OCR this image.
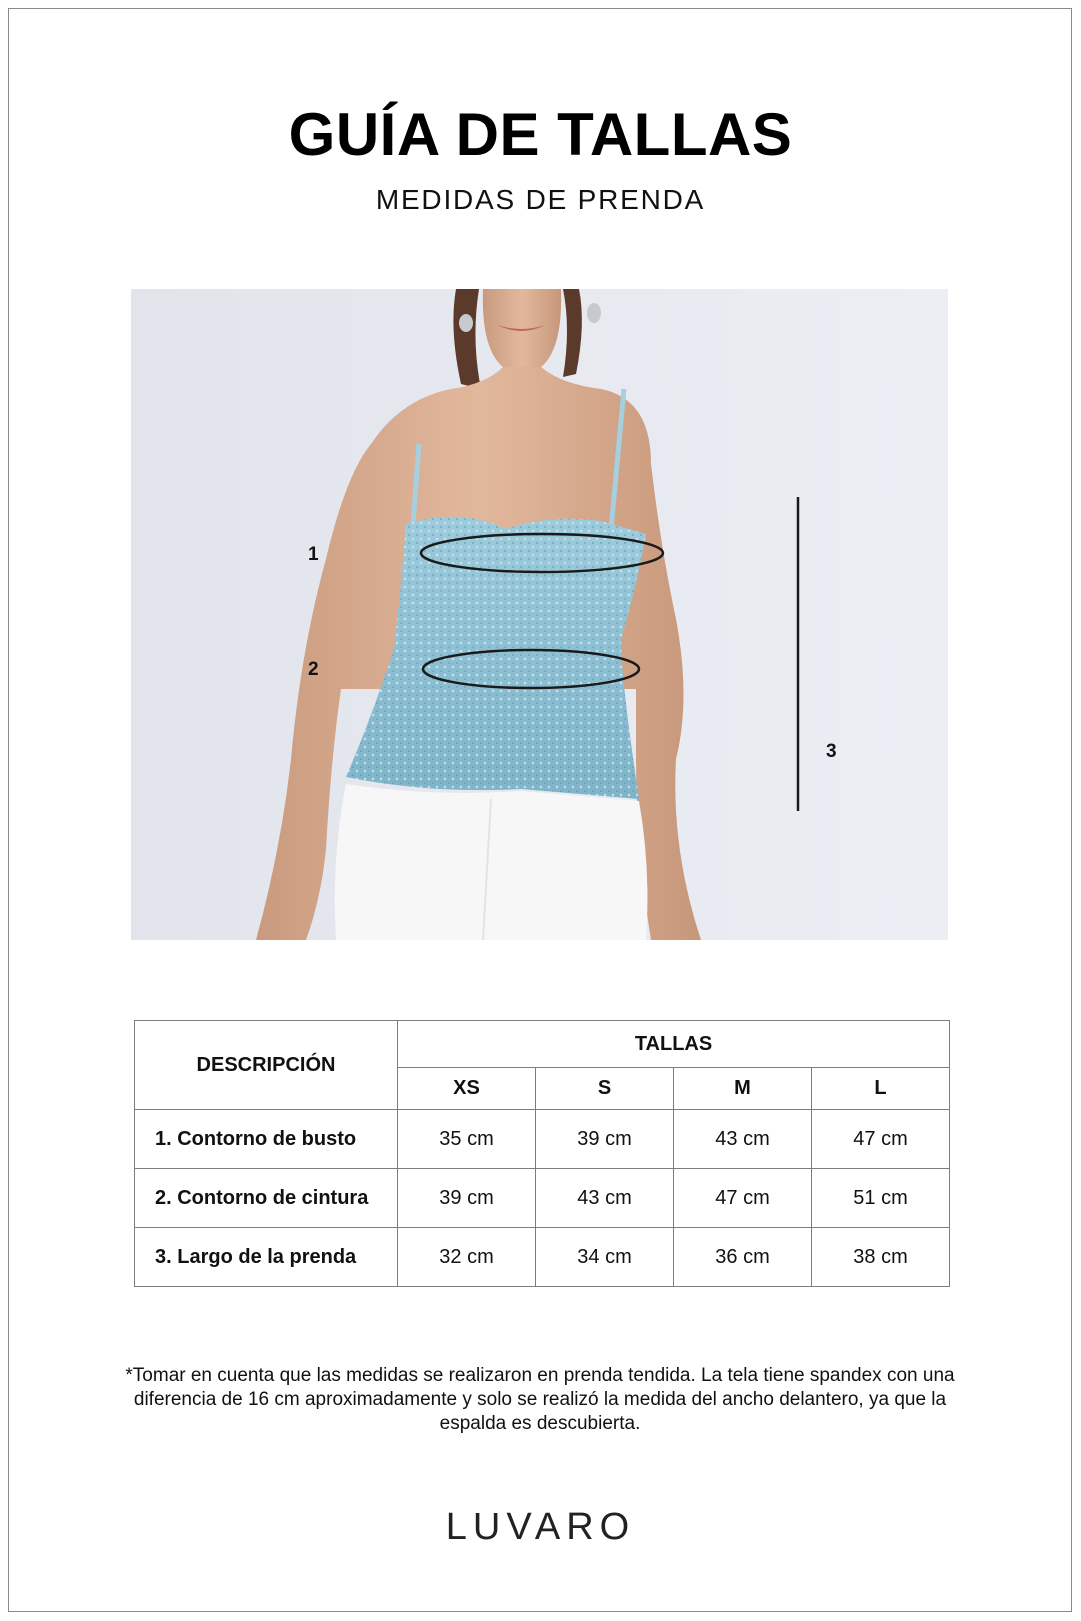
GUÍA DE TALLAS

MEDIDAS DE PRENDA

1
2
3
DESCRIPCIÓN	TALLAS			
	XS	S	M	L
1. Contorno de busto	35 cm	39 cm	43 cm	47 cm
2. Contorno de cintura	39 cm	43 cm	47 cm	51 cm
3. Largo de la prenda	32 cm	34 cm	36 cm	38 cm

*Tomar en cuenta que las medidas se realizaron en prenda tendida. La tela tiene spandex con una diferencia de 16 cm aproximadamente y solo se realizó la medida del ancho delantero, ya que la espalda es descubierta.

LUVARO
